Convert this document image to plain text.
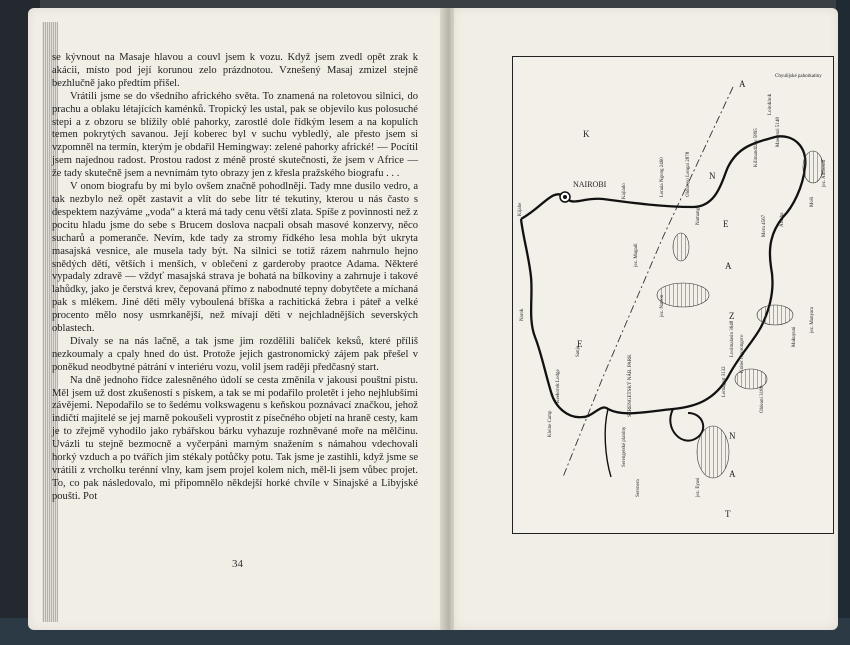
se kývnout na Masaje hlavou a couvl jsem k vozu. Když jsem zvedl opět zrak k akácii, místo pod její korunou zelo prázdnotou. Vznešený Masaj zmizel stejně bezhlučně jako předtím přišel.

Vrátili jsme se do všedního afrického světa. To znamená na roletovou silnici, do prachu a oblaku létajících kaménků. Tropický les ustal, pak se objevilo kus polosuché stepi a z obzoru se blížily oblé pahorky, zarostlé dole řídkým lesem a na kopulích temen pokrytých savanou. Její koberec byl v suchu vybledlý, ale přesto jsem si vzpomněl na termín, kterým je obdařil Hemingway: zelené pahorky africké! — Pocítil jsem najednou radost. Prostou radost z méně prosté skutečnosti, že jsem v Africe — že tady skutečně jsem a nevnímám tyto obrazy jen z křesla pražského biografu . . .

V onom biografu by mi bylo ovšem značně pohodlněji. Tady mne dusilo vedro, a tak nezbylo než opět zastavit a vlít do sebe litr té tekutiny, kterou u nás často s despektem nazýváme „voda“ a která má tady cenu větší zlata. Spíše z povinnosti než z pocitu hladu jsme do sebe s Brucem doslova nacpali obsah masové konzervy, něco sucharů a pomeranče. Nevím, kde tady za stromy řídkého lesa mohla být ukryta masajská vesnice, ale musela tady být. Na silnici se totiž rázem nahrnulo hejno snědých dětí, větších i menších, v oblečení z garderoby praotce Adama. Některé vypadaly zdravě — vždyť masajská strava je bohatá na bílkoviny a zahrnuje i takové lahůdky, jako je čerstvá krev, čepovaná přímo z nabodnuté tepny dobytčete a míchaná pak s mlékem. Jiné děti měly vyboulená bříška a rachitická žebra i páteř a velké procento mělo nosy usmrkanější, než mívají děti v nejchladnějších severských oblastech.

Dívaly se na nás lačně, a tak jsme jim rozdělili balíček keksů, které příliš nezkoumaly a cpaly hned do úst. Protože jejich gastronomický zájem pak přešel v poněkud neodbytné pátrání v interiéru vozu, volil jsem raději předčasný start.

Na dně jednoho řídce zalesněného údolí se cesta změnila v jakousi pouštní pistu. Měl jsem už dost zkušeností s pískem, a tak se mi podařilo proletět i jeho nejhlubšími závějemi. Nepodařilo se to šedému volkswagenu s keňskou poznávací značkou, jehož indičtí majitelé se jej marně pokoušeli vyprostit z písečného objetí na hraně cesty, kam je to zřejmě vyhodilo jako rybářskou bárku vyhazuje rozhněvané moře na mělčinu. Uvázli tu stejně bezmocně a vyčerpáni marným snažením s námahou vdechovali horký vzduch a po tvářích jim stékaly potůčky potu. Tak jsme je zastihli, když jsme se vrátili z vrcholku terénní vlny, kam jsem projel kolem nich, měl-li jsem vůbec projet. To, co pak následovalo, mi připomnělo někdejší horké chvíle v Sinajské a Libyjské poušti. Pot

34
NAIROBI
Kijabe
Kajiado
Namanga
Chyulijské pahorkatiny
Loitokitok
Kilimandžáro 5895	Mawenzi 5148
Moši
Meru 4567	Arusha
Lenaia Ngong 2460	Oldoinyo Lengai 2878
jez. Magadi
Narok
Sanjo
Keekorok Lodge
Kleine Camp
SERENGETSKÝ NÁR. PARK
Serengetské planiny
Seronera
Kráter Ngorongoro
Loolmalasin 3648
Lemagrut 3132
Oldeani 3188
Makuyuni
jez. Manyara
jez. Natron
jez. Eyasi
jez. Amboseli
K
E
N
A
T
A
N
Z
A
E
